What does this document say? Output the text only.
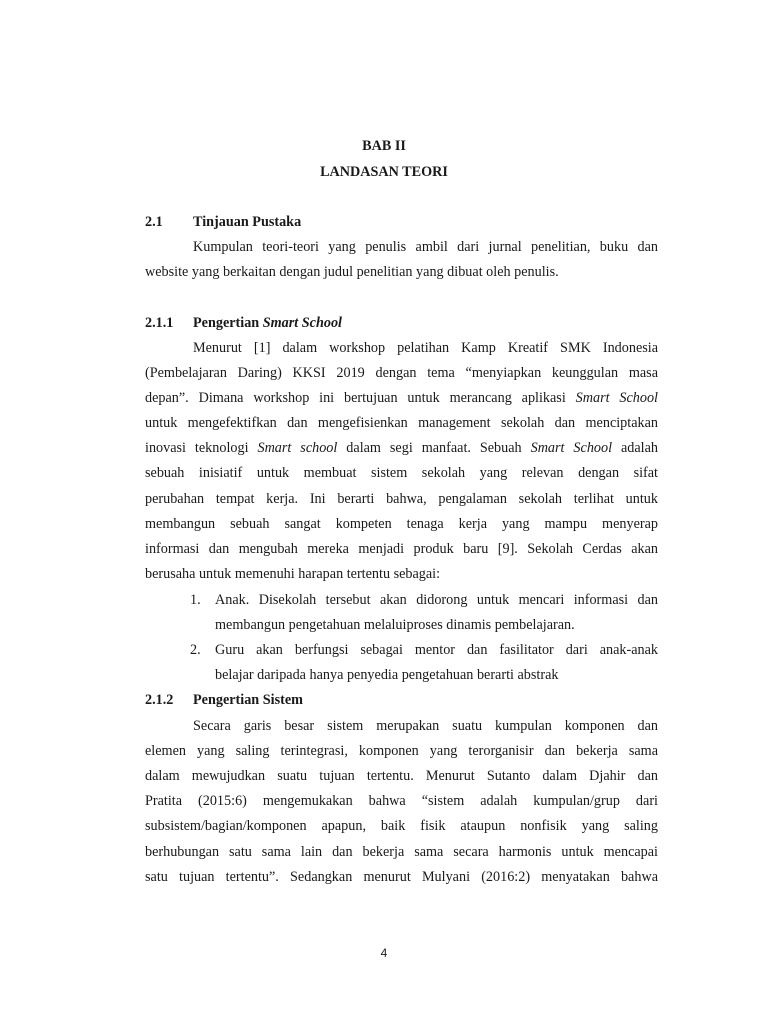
BAB II
LANDASAN TEORI
2.1 Tinjauan Pustaka
Kumpulan teori-teori yang penulis ambil dari jurnal penelitian, buku dan
website yang berkaitan dengan judul penelitian yang dibuat oleh penulis.
2.1.1 Pengertian Smart School
Menurut [1] dalam workshop pelatihan Kamp Kreatif SMK Indonesia
(Pembelajaran Daring) KKSI 2019 dengan tema “menyiapkan keunggulan masa
depan”. Dimana workshop ini bertujuan untuk merancang aplikasi Smart School
untuk mengefektifkan dan mengefisienkan management sekolah dan menciptakan
inovasi teknologi Smart school dalam segi manfaat. Sebuah Smart School adalah
sebuah inisiatif untuk membuat sistem sekolah yang relevan dengan sifat
perubahan tempat kerja. Ini berarti bahwa, pengalaman sekolah terlihat untuk
membangun sebuah sangat kompeten tenaga kerja yang mampu menyerap
informasi dan mengubah mereka menjadi produk baru [9]. Sekolah Cerdas akan
berusaha untuk memenuhi harapan tertentu sebagai:
1. Anak. Disekolah tersebut akan didorong untuk mencari informasi dan
membangun pengetahuan melaluiproses dinamis pembelajaran.
2. Guru akan berfungsi sebagai mentor dan fasilitator dari anak-anak
belajar daripada hanya penyedia pengetahuan berarti abstrak
2.1.2 Pengertian Sistem
Secara garis besar sistem merupakan suatu kumpulan komponen dan
elemen yang saling terintegrasi, komponen yang terorganisir dan bekerja sama
dalam mewujudkan suatu tujuan tertentu. Menurut Sutanto dalam Djahir dan
Pratita (2015:6) mengemukakan bahwa “sistem adalah kumpulan/grup dari
subsistem/bagian/komponen apapun, baik fisik ataupun nonfisik yang saling
berhubungan satu sama lain dan bekerja sama secara harmonis untuk mencapai
satu tujuan tertentu”. Sedangkan menurut Mulyani (2016:2) menyatakan bahwa
4
